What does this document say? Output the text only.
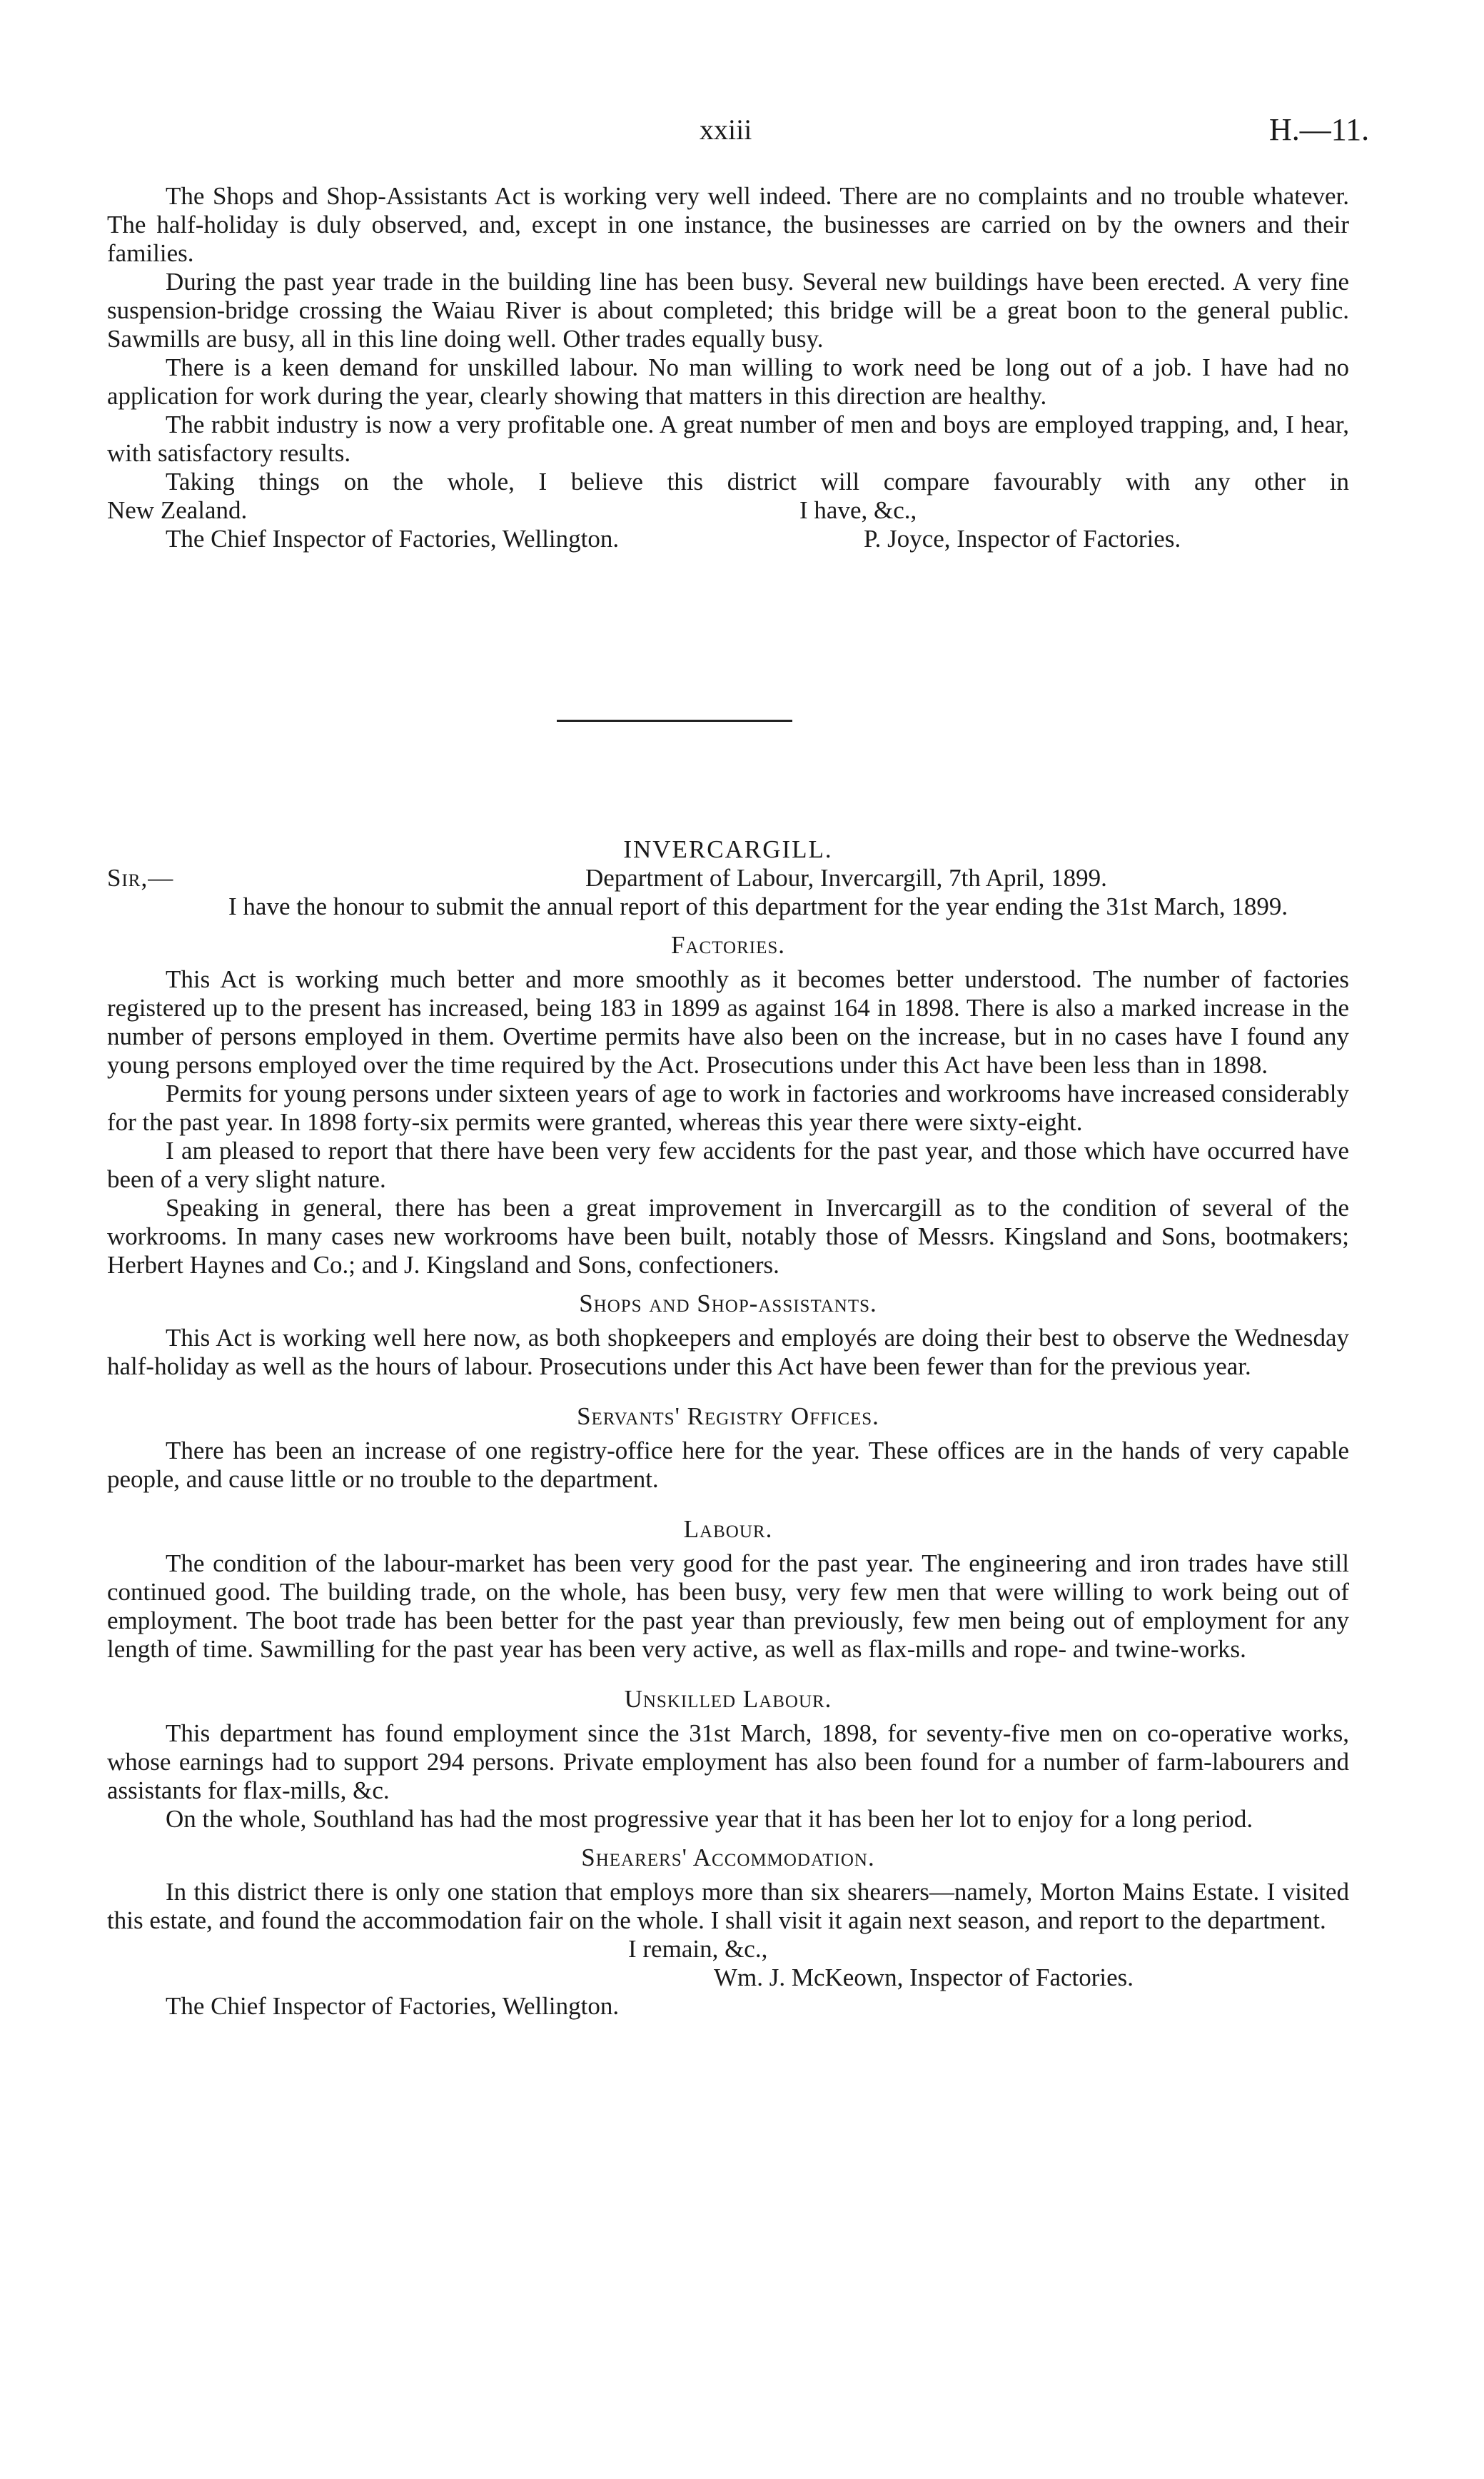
xxiii	H.—11.

The Shops and Shop-Assistants Act is working very well indeed. There are no complaints and no trouble whatever. The half-holiday is duly observed, and, except in one instance, the businesses are carried on by the owners and their families.

During the past year trade in the building line has been busy. Several new buildings have been erected. A very fine suspension-bridge crossing the Waiau River is about completed; this bridge will be a great boon to the general public. Sawmills are busy, all in this line doing well. Other trades equally busy.

There is a keen demand for unskilled labour. No man willing to work need be long out of a job. I have had no application for work during the year, clearly showing that matters in this direction are healthy.

The rabbit industry is now a very profitable one. A great number of men and boys are employed trapping, and, I hear, with satisfactory results.

Taking things on the whole, I believe this district will compare favourably with any other in

New Zealand.	I have, &c.,
The Chief Inspector of Factories, Wellington.	P. Joyce, Inspector of Factories.
INVERCARGILL.
Sir,—	Department of Labour, Invercargill, 7th April, 1899.

I have the honour to submit the annual report of this department for the year ending the 31st March, 1899.

Factories.

This Act is working much better and more smoothly as it becomes better understood. The number of factories registered up to the present has increased, being 183 in 1899 as against 164 in 1898. There is also a marked increase in the number of persons employed in them. Overtime permits have also been on the increase, but in no cases have I found any young persons employed over the time required by the Act. Prosecutions under this Act have been less than in 1898.

Permits for young persons under sixteen years of age to work in factories and workrooms have increased considerably for the past year. In 1898 forty-six permits were granted, whereas this year there were sixty-eight.

I am pleased to report that there have been very few accidents for the past year, and those which have occurred have been of a very slight nature.

Speaking in general, there has been a great improvement in Invercargill as to the condition of several of the workrooms. In many cases new workrooms have been built, notably those of Messrs. Kingsland and Sons, bootmakers; Herbert Haynes and Co.; and J. Kingsland and Sons, confectioners.

Shops and Shop-assistants.

This Act is working well here now, as both shopkeepers and employés are doing their best to observe the Wednesday half-holiday as well as the hours of labour. Prosecutions under this Act have been fewer than for the previous year.

Servants' Registry Offices.

There has been an increase of one registry-office here for the year. These offices are in the hands of very capable people, and cause little or no trouble to the department.

Labour.

The condition of the labour-market has been very good for the past year. The engineering and iron trades have still continued good. The building trade, on the whole, has been busy, very few men that were willing to work being out of employment. The boot trade has been better for the past year than previously, few men being out of employment for any length of time. Sawmilling for the past year has been very active, as well as flax-mills and rope- and twine-works.

Unskilled Labour.

This department has found employment since the 31st March, 1898, for seventy-five men on co-operative works, whose earnings had to support 294 persons. Private employment has also been found for a number of farm-labourers and assistants for flax-mills, &c.

On the whole, Southland has had the most progressive year that it has been her lot to enjoy for a long period.

Shearers' Accommodation.

In this district there is only one station that employs more than six shearers—namely, Morton Mains Estate. I visited this estate, and found the accommodation fair on the whole. I shall visit it again next season, and report to the department.

I remain, &c.,
Wm. J. McKeown, Inspector of Factories.
The Chief Inspector of Factories, Wellington.
